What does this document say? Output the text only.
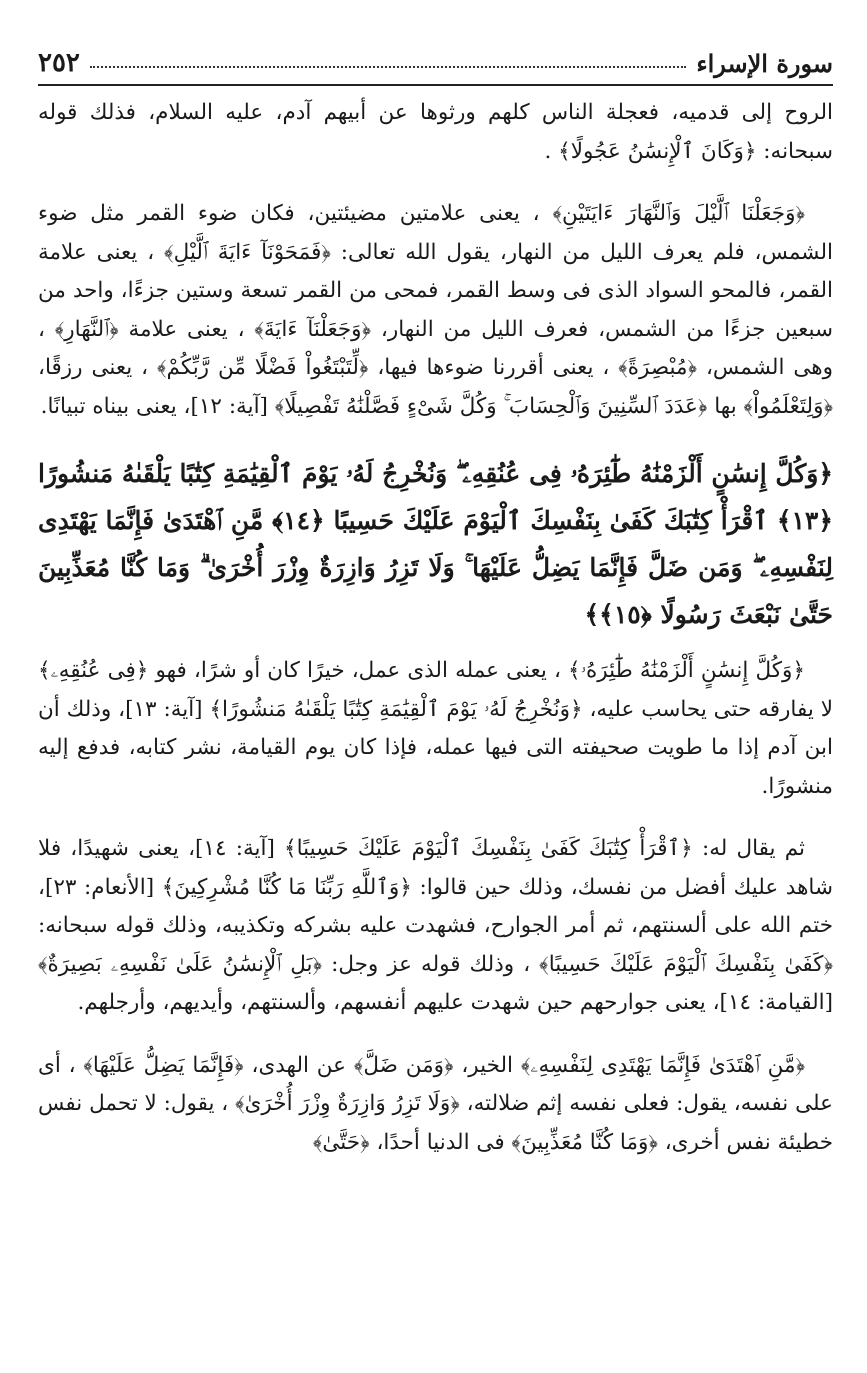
سورة الإسراء
٢٥٢

الروح إلى قدميه، فعجلة الناس كلهم ورثوها عن أبيهم آدم، عليه السلام، فذلك قوله سبحانه: ﴿وَكَانَ ٱلْإِنسَٰنُ عَجُولًا﴾ .

﴿وَجَعَلْنَا ٱلَّيْلَ وَٱلنَّهَارَ ءَايَتَيْنِ﴾ ، يعنى علامتين مضيئتين، فكان ضوء القمر مثل ضوء الشمس، فلم يعرف الليل من النهار، يقول الله تعالى: ﴿فَمَحَوْنَآ ءَايَةَ ٱلَّيْلِ﴾ ، يعنى علامة القمر، فالمحو السواد الذى فى وسط القمر، فمحى من القمر تسعة وستين جزءًا، واحد من سبعين جزءًا من الشمس، فعرف الليل من النهار، ﴿وَجَعَلْنَآ ءَايَةَ﴾ ، يعنى علامة ﴿ٱلنَّهَارِ﴾ ، وهى الشمس، ﴿مُبْصِرَةً﴾ ، يعنى أقررنا ضوءها فيها، ﴿لِّتَبْتَغُواْ فَضْلًا مِّن رَّبِّكُمْ﴾ ، يعنى رزقًا، ﴿وَلِتَعْلَمُواْ﴾ بها ﴿عَدَدَ ٱلسِّنِينَ وَٱلْحِسَابَ ۚ وَكُلَّ شَىْءٍ فَصَّلْنَٰهُ تَفْصِيلًا﴾ [آية: ١٢]، يعنى بيناه تبيانًا.

﴿وَكُلَّ إِنسَٰنٍ أَلْزَمْنَٰهُ طَٰٓئِرَهُۥ فِى عُنُقِهِۦ ۖ وَنُخْرِجُ لَهُۥ يَوْمَ ٱلْقِيَٰمَةِ كِتَٰبًا يَلْقَىٰهُ مَنشُورًا ﴿١٣﴾ ٱقْرَأْ كِتَٰبَكَ كَفَىٰ بِنَفْسِكَ ٱلْيَوْمَ عَلَيْكَ حَسِيبًا ﴿١٤﴾ مَّنِ ٱهْتَدَىٰ فَإِنَّمَا يَهْتَدِى لِنَفْسِهِۦ ۖ وَمَن ضَلَّ فَإِنَّمَا يَضِلُّ عَلَيْهَا ۚ وَلَا تَزِرُ وَازِرَةٌ وِزْرَ أُخْرَىٰ ۗ وَمَا كُنَّا مُعَذِّبِينَ حَتَّىٰ نَبْعَثَ رَسُولًا ﴿١٥﴾﴾

﴿وَكُلَّ إِنسَٰنٍ أَلْزَمْنَٰهُ طَٰٓئِرَهُۥ﴾ ، يعنى عمله الذى عمل، خيرًا كان أو شرًا، فهو ﴿فِى عُنُقِهِۦ﴾ لا يفارقه حتى يحاسب عليه، ﴿وَنُخْرِجُ لَهُۥ يَوْمَ ٱلْقِيَٰمَةِ كِتَٰبًا يَلْقَىٰهُ مَنشُورًا﴾ [آية: ١٣]، وذلك أن ابن آدم إذا ما طويت صحيفته التى فيها عمله، فإذا كان يوم القيامة، نشر كتابه، فدفع إليه منشورًا.

ثم يقال له: ﴿ٱقْرَأْ كِتَٰبَكَ كَفَىٰ بِنَفْسِكَ ٱلْيَوْمَ عَلَيْكَ حَسِيبًا﴾ [آية: ١٤]، يعنى شهيدًا، فلا شاهد عليك أفضل من نفسك، وذلك حين قالوا: ﴿وَٱللَّهِ رَبِّنَا مَا كُنَّا مُشْرِكِينَ﴾ [الأنعام: ٢٣]، ختم الله على ألسنتهم، ثم أمر الجوارح، فشهدت عليه بشركه وتكذيبه، وذلك قوله سبحانه: ﴿كَفَىٰ بِنَفْسِكَ ٱلْيَوْمَ عَلَيْكَ حَسِيبًا﴾ ، وذلك قوله عز وجل: ﴿بَلِ ٱلْإِنسَٰنُ عَلَىٰ نَفْسِهِۦ بَصِيرَةٌ﴾ [القيامة: ١٤]، يعنى جوارحهم حين شهدت عليهم أنفسهم، وألسنتهم، وأيديهم، وأرجلهم.

﴿مَّنِ ٱهْتَدَىٰ فَإِنَّمَا يَهْتَدِى لِنَفْسِهِۦ﴾ الخير، ﴿وَمَن ضَلَّ﴾ عن الهدى، ﴿فَإِنَّمَا يَضِلُّ عَلَيْهَا﴾ ، أى على نفسه، يقول: فعلى نفسه إثم ضلالته، ﴿وَلَا تَزِرُ وَازِرَةٌ وِزْرَ أُخْرَىٰ﴾ ، يقول: لا تحمل نفس خطيئة نفس أخرى، ﴿وَمَا كُنَّا مُعَذِّبِينَ﴾ فى الدنيا أحدًا، ﴿حَتَّىٰ﴾
